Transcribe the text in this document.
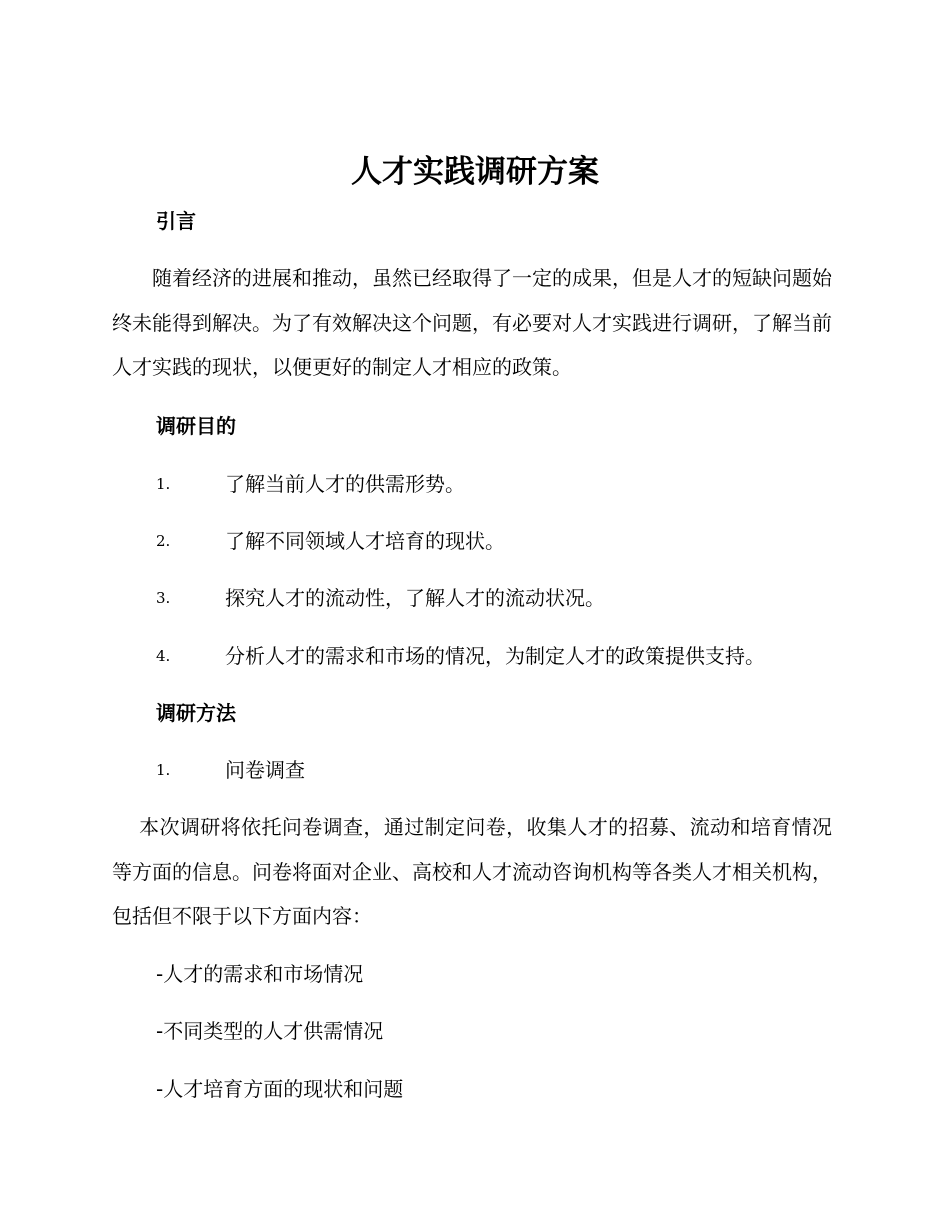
人才实践调研方案
引言
　　随着经济的进展和推动，虽然已经取得了一定的成果，但是人才的短缺问题始终未能得到解决。为了有效解决这个问题，有必要对人才实践进行调研，了解当前人才实践的现状，以便更好的制定人才相应的政策。
调研目的
1.	了解当前人才的供需形势。
2.	了解不同领域人才培育的现状。
3.	探究人才的流动性，了解人才的流动状况。
4.	分析人才的需求和市场的情况，为制定人才的政策提供支持。
调研方法
1.	问卷调查
　 本次调研将依托问卷调查，通过制定问卷，收集人才的招募、流动和培育情况等方面的信息。问卷将面对企业、高校和人才流动咨询机构等各类人才相关机构，包括但不限于以下方面内容：
-人才的需求和市场情况
-不同类型的人才供需情况
-人才培育方面的现状和问题
